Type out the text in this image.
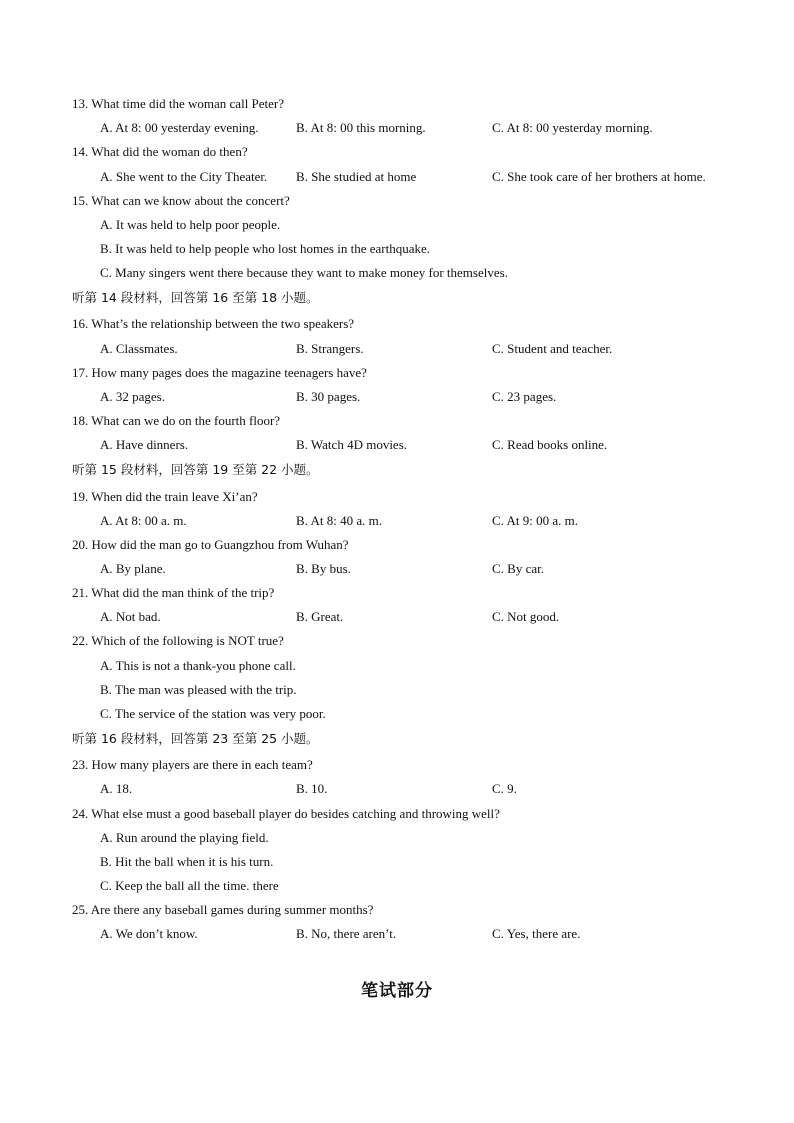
13. What time did the woman call Peter?
A. At 8: 00 yesterday evening.	B. At 8: 00 this morning.	C. At 8: 00 yesterday morning.
14. What did the woman do then?
A. She went to the City Theater. B. She studied at home	C. She took care of her brothers at home.
15. What can we know about the concert?
A. It was held to help poor people.
B. It was held to help people who lost homes in the earthquake.
C. Many singers went there because they want to make money for themselves.
听第 14 段材料，回答第 16 至第 18 小题。
16. What’s the relationship between the two speakers?
A. Classmates.	B. Strangers.	C. Student and teacher.
17. How many pages does the magazine teenagers have?
A. 32 pages.	B. 30 pages.	C. 23 pages.
18. What can we do on the fourth floor?
A. Have dinners.	B. Watch 4D movies.	C. Read books online.
听第 15 段材料，回答第 19 至第 22 小题。
19. When did the train leave Xi’an?
A. At 8: 00 a. m.	B. At 8: 40 a. m.	C. At 9: 00 a. m.
20. How did the man go to Guangzhou from Wuhan?
A. By plane.	B. By bus.	C. By car.
21. What did the man think of the trip?
A. Not bad.	B. Great.	C. Not good.
22. Which of the following is NOT true?
A. This is not a thank-you phone call.
B. The man was pleased with the trip.
C. The service of the station was very poor.
听第 16 段材料，回答第 23 至第 25 小题。
23. How many players are there in each team?
A. 18.	B. 10.	C. 9.
24. What else must a good baseball player do besides catching and throwing well?
A. Run around the playing field.
B. Hit the ball when it is his turn.
C. Keep the ball all the time. there
25. Are there any baseball games during summer months?
A. We don’t know.	B. No, there aren’t.	C. Yes, there are.
笔试部分
